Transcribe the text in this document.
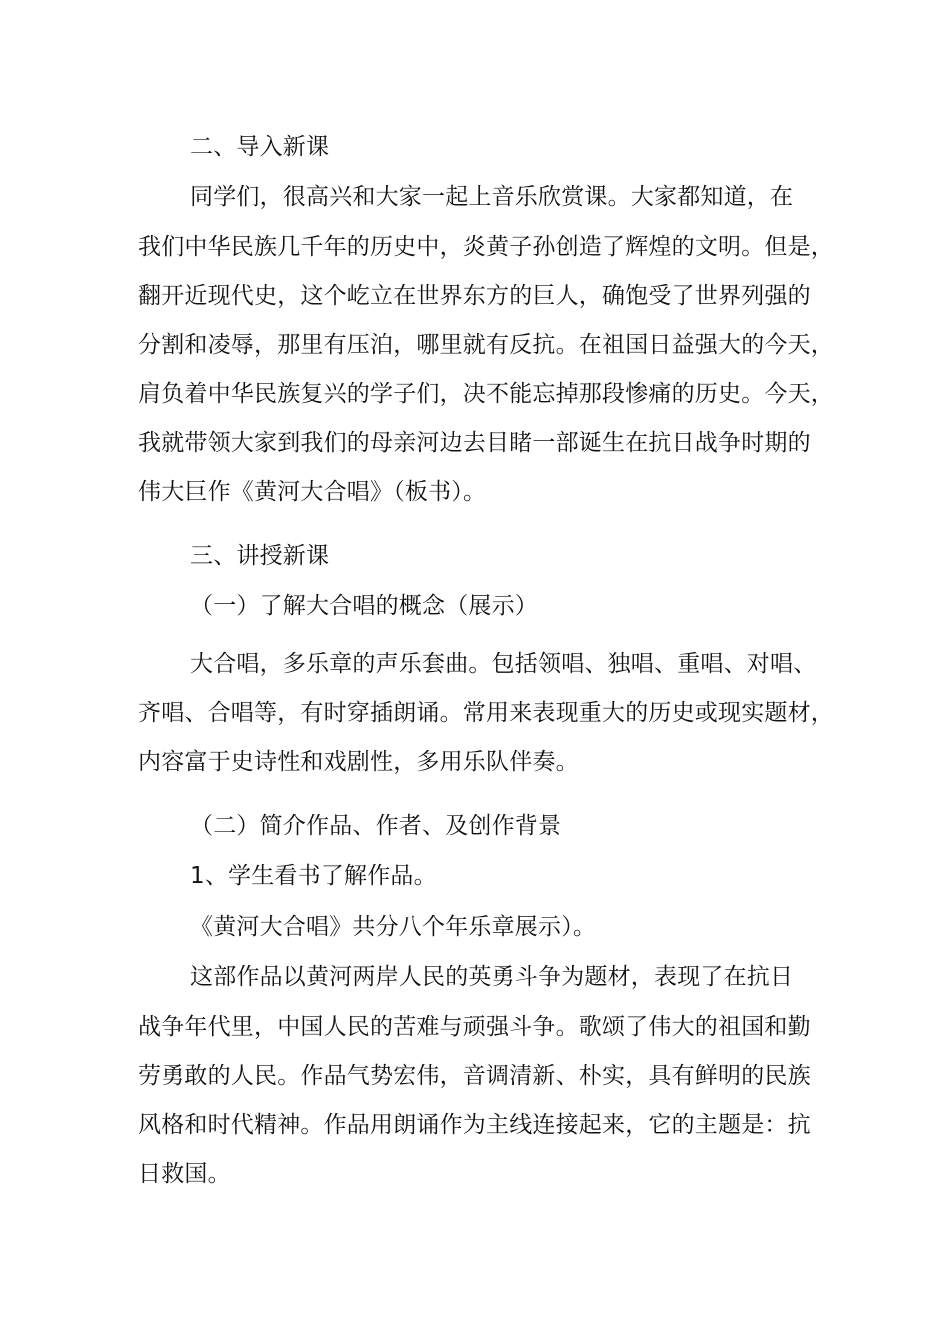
二、导入新课
同学们，很高兴和大家一起上音乐欣赏课。大家都知道，在
我们中华民族几千年的历史中，炎黄子孙创造了辉煌的文明。但是，
翻开近现代史，这个屹立在世界东方的巨人，确饱受了世界列强的
分割和凌辱，那里有压泊，哪里就有反抗。在祖国日益强大的今天，
肩负着中华民族复兴的学子们，决不能忘掉那段惨痛的历史。今天，
我就带领大家到我们的母亲河边去目睹一部诞生在抗日战争时期的
伟大巨作《黄河大合唱》（板书）。
三、讲授新课
（一）了解大合唱的概念（展示）
大合唱，多乐章的声乐套曲。包括领唱、独唱、重唱、对唱、
齐唱、合唱等，有时穿插朗诵。常用来表现重大的历史或现实题材，
内容富于史诗性和戏剧性，多用乐队伴奏。
（二）简介作品、作者、及创作背景
1、学生看书了解作品。
《黄河大合唱》共分八个年乐章展示）。
这部作品以黄河两岸人民的英勇斗争为题材，表现了在抗日
战争年代里，中国人民的苦难与顽强斗争。歌颂了伟大的祖国和勤
劳勇敢的人民。作品气势宏伟，音调清新、朴实，具有鲜明的民族
风格和时代精神。作品用朗诵作为主线连接起来，它的主题是：抗
日救国。
